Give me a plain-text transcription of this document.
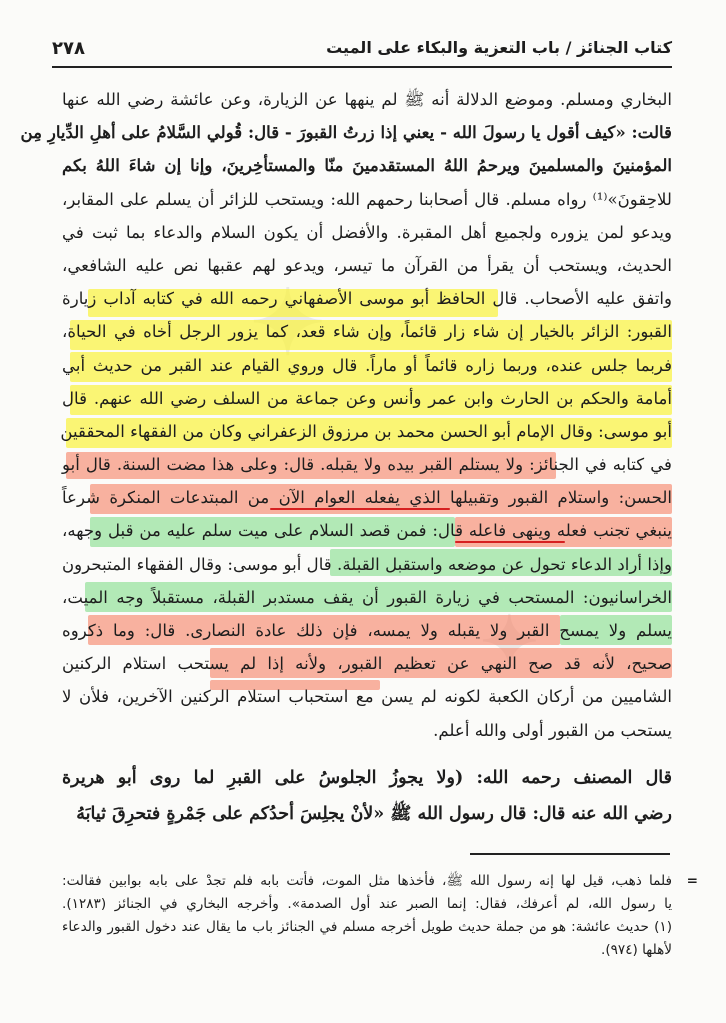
٢٧٨	كتاب الجنائز / باب التعزية والبكاء على الميت
البخاري ومسلم. وموضع الدلالة أنه ﷺ لم ينهها عن الزيارة، وعن عائشة رضي الله عنها
قالت: «كيف أقول يا رسولَ الله - يعني إذا زرتُ القبورَ - قال: قُولي السَّلامُ على أهلِ الدِّيارِ مِن
المؤمنينَ والمسلمينَ ويرحمُ اللهُ المستقدمينَ منّا والمستأخِرينَ، وإنا إن شاءَ اللهُ بكم
للاحِقونَ»⁽¹⁾ رواه مسلم. قال أصحابنا رحمهم الله: ويستحب للزائر أن يسلم على المقابر،
ويدعو لمن يزوره ولجميع أهل المقبرة. والأفضل أن يكون السلام والدعاء بما ثبت في
الحديث، ويستحب أن يقرأ من القرآن ما تيسر، ويدعو لهم عقبها نص عليه الشافعي،
واتفق عليه الأصحاب. قال الحافظ أبو موسى الأصفهاني رحمه الله في كتابه آداب زيارة
القبور: الزائر بالخيار إن شاء زار قائماً، وإن شاء قعد، كما يزور الرجل أخاه في الحياة،
فربما جلس عنده، وربما زاره قائماً أو ماراً. قال وروي القيام عند القبر من حديث أبي
أمامة والحكم بن الحارث وابن عمر وأنس وعن جماعة من السلف رضي الله عنهم. قال
أبو موسى: وقال الإمام أبو الحسن محمد بن مرزوق الزعفراني وكان من الفقهاء المحققين
في كتابه في الجنائز: ولا يستلم القبر بيده ولا يقبله. قال: وعلى هذا مضت السنة. قال أبو
الحسن: واستلام القبور وتقبيلها الذي يفعله العوام الآن من المبتدعات المنكرة شرعاً
ينبغي تجنب فعله وينهى فاعله قال: فمن قصد السلام على ميت سلم عليه من قبل وجهه،
وإذا أراد الدعاء تحول عن موضعه واستقبل القبلة. قال أبو موسى: وقال الفقهاء المتبحرون
الخراسانيون: المستحب في زيارة القبور أن يقف مستدبر القبلة، مستقبلاً وجه الميت،
يسلم ولا يمسح القبر ولا يقبله ولا يمسه، فإن ذلك عادة النصارى. قال: وما ذكروه
صحيح، لأنه قد صح النهي عن تعظيم القبور، ولأنه إذا لم يستحب استلام الركنين
الشاميين من أركان الكعبة لكونه لم يسن مع استحباب استلام الركنين الآخرين، فلأن لا
يستحب من القبور أولى والله أعلم.
قال المصنف رحمه الله: (ولا يجوزُ الجلوسُ على القبرِ لما روى أبو هريرة
رضي الله عنه قال: قال رسول الله ﷺ «لأنْ يجلِسَ أحدُكم على جَمْرةٍ فتحرِقَ ثيابَهُ
=
فلما ذهب، قيل لها إنه رسول الله ﷺ، فأخذها مثل الموت، فأتت بابه فلم تجدْ على بابه بوابين فقالت:
يا رسول الله، لم أعرفك، فقال: إنما الصبر عند أول الصدمة». وأخرجه البخاري في الجنائز (١٢٨٣).
(١) حديث عائشة: هو من جملة حديث طويل أخرجه مسلم في الجنائز باب ما يقال عند دخول القبور والدعاء
لأهلها (٩٧٤).
